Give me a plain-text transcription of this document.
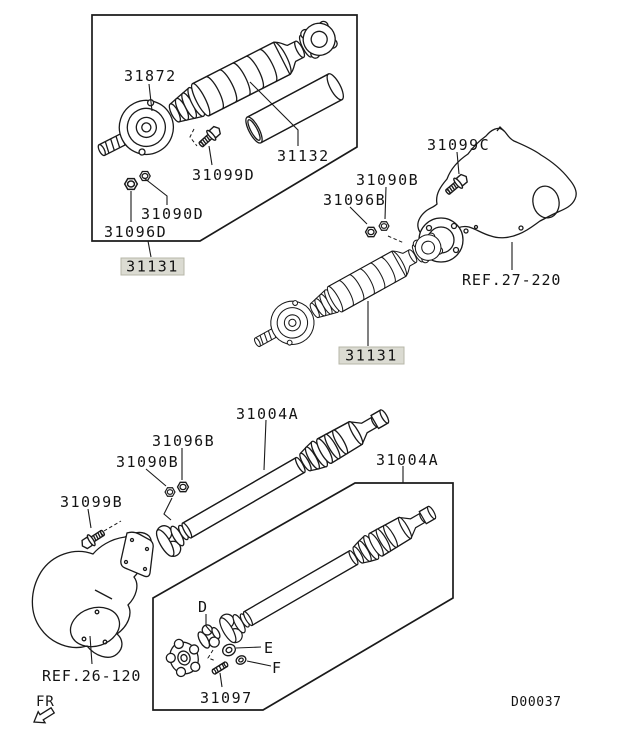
31872
31132
31099D
31090D
31096D
31131
31099C
31090B
31096B
REF.27-220
31131
31004A
31004A
31096B
31090B
31099B
REF.26-120
D
E
F
31097
FR	D00037
